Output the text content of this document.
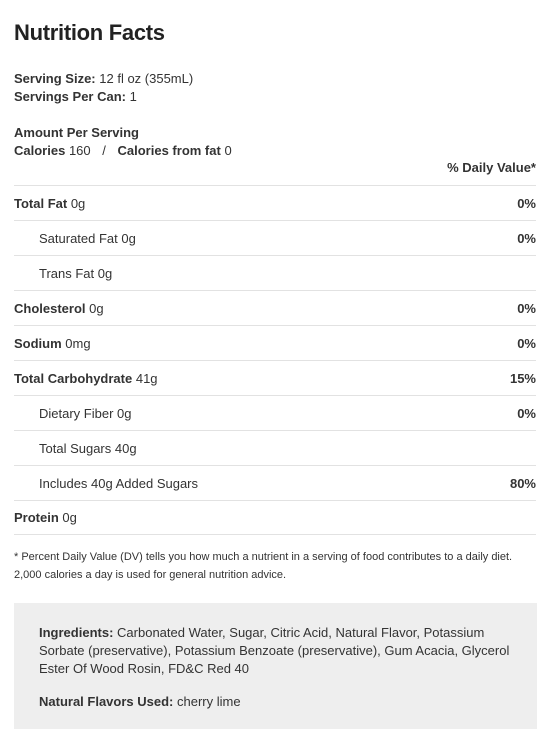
Nutrition Facts
Serving Size: 12 fl oz (355mL)
Servings Per Can: 1
Amount Per Serving
Calories 160 / Calories from fat 0
% Daily Value*
Total Fat 0g	0%
Saturated Fat 0g	0%
Trans Fat 0g
Cholesterol 0g	0%
Sodium 0mg	0%
Total Carbohydrate 41g	15%
Dietary Fiber 0g	0%
Total Sugars 40g
Includes 40g Added Sugars	80%
Protein 0g
* Percent Daily Value (DV) tells you how much a nutrient in a serving of food contributes to a daily diet.
2,000 calories a day is used for general nutrition advice.

Ingredients: Carbonated Water, Sugar, Citric Acid, Natural Flavor, Potassium Sorbate (preservative), Potassium Benzoate (preservative), Gum Acacia, Glycerol Ester Of Wood Rosin, FD&C Red 40

Natural Flavors Used: cherry lime
